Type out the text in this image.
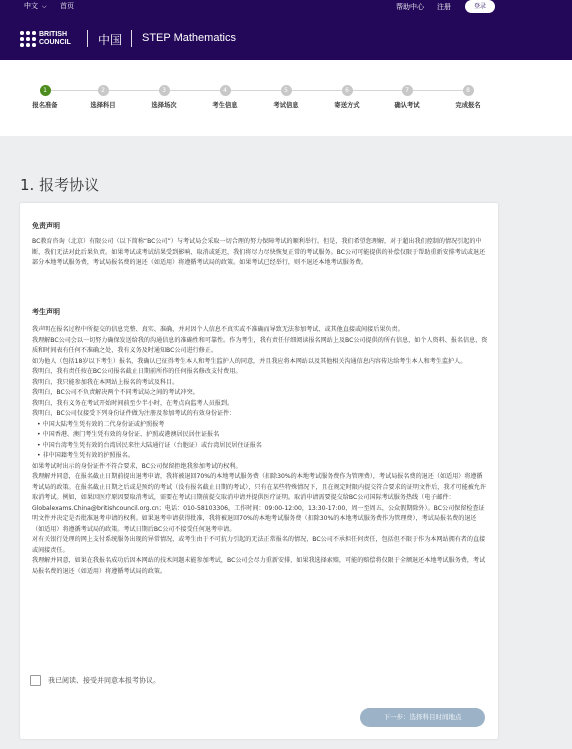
中文 ⌵ 首页	帮助中心 注册	登录
BRITISH
COUNCIL 中国 STEP Mathematics
1
报名准备
2
选择科目
3
选择场次
4
考生信息
5
考试信息
6
寄送方式
7
确认考试
8
完成报名
1. 报考协议
免责声明

BC教育咨询（北京）有限公司（以下简称“BC公司”）与考试局会采取一切合理的努力保障考试的顺利举行。但是，我们希望您理解，对于超出我们控制的情况引起的中断，我们无法对此后果负责。如果考试或考试结果受到影响、取消或延迟，我们将尽力尽快恢复正常的考试服务。BC公司可能提供的补偿仅限于帮助重新安排考试或退还部分本地考试服务费，考试局报名费的退还（如适用）将遵循考试局的政策。如果考试已经举行，则不退还本地考试服务费。

考生声明

我声明在报名过程中所提交的信息完整、真实、准确，并对因个人信息不真实或不准确而导致无法参加考试、或其他直接或间接后果负责。

我理解BC公司会以一切努力确保发送给我的沟通信息的准确性和可靠性。作为考生，我有责任仔细阅读报名网站上及BC公司提供的所有信息，如个人资料、报名信息，资质和时间表有任何不准确之处，我有义务及时通知BC公司进行修正。

如为他人（包括18岁以下考生）报名，我确认已征得考生本人和考生监护人的同意，并且我应将本网站以及其他相关沟通信息内容传达给考生本人和考生监护人。

我明白，我有责任按在BC公司报名截止日期前所作的任何报名修改支付费用。

我明白，我只能参加我在本网站上报名的考试及科目。

我明白，BC公司不负责解决两个不同考试局之间的考试冲突。

我明白，我有义务在考试开始时间前至少半小时，在考点向监考人员报到。

我明白，BC公司仅接受下列身份证件做为注册及参加考试的有效身份证件：

• 中国大陆考生凭有效的二代身份证或护照报考

• 中国香港、澳门考生凭有效的身份证、护照或港澳居民居住证报名

• 中国台湾考生凭有效的台湾居民来往大陆通行证（台胞证）或台湾居民居住证报名

• 非中国籍考生凭有效的护照报名。

如果考试时出示的身份证件不符合要求，BC公司保留拒绝我参加考试的权利。

我理解并同意，在报名截止日期前提出退考申请，我将被退回70%的本地考试服务费（扣除30%的本地考试服务费作为管理费），考试局报名费的退还（如适用）将遵循考试局的政策。在报名截止日期之后或是预约的考试（没有报名截止日期的考试），只有在某些特殊情况下，且在规定时限内提交符合要求的证明文件后，我才可能被允许取消考试。例如，如果因医疗原因要取消考试，需要在考试日期前提交取消申请并提供医疗证明。取消申请需要提交给BC公司国际考试服务热线（电子邮件：Globalexams.China@britishcouncil.org.cn；电话：010-58103306，工作时间：09:00-12:00，13:30-17:00，周一至周五，公众假期除外）。BC公司保留检查证明文件并决定是否批准退考申请的权利。如果退考申请获得批准，我将被退回70%的本地考试服务费（扣除30%的本地考试服务费作为管理费），考试局报名费的退还（如适用）将遵循考试局的政策。考试日期后BC公司不接受任何退考申请。

对有关银行处理的网上支付系统服务出现的异常情况，或考生由于不可抗力引起的无法正常报名的情况，BC公司不承担任何责任，包括但不限于作为本网站拥有者的直接或间接责任。

我理解并同意，如果在我报名成功后因本网站的技术问题未能参加考试，BC公司会尽力重新安排，如果我选择索赔，可能的赔偿将仅限于全额退还本地考试服务费，考试局报名费的退还（如适用）将遵循考试局的政策。

我已阅读、接受并同意本报考协议。
下一步：选择科目时间地点
